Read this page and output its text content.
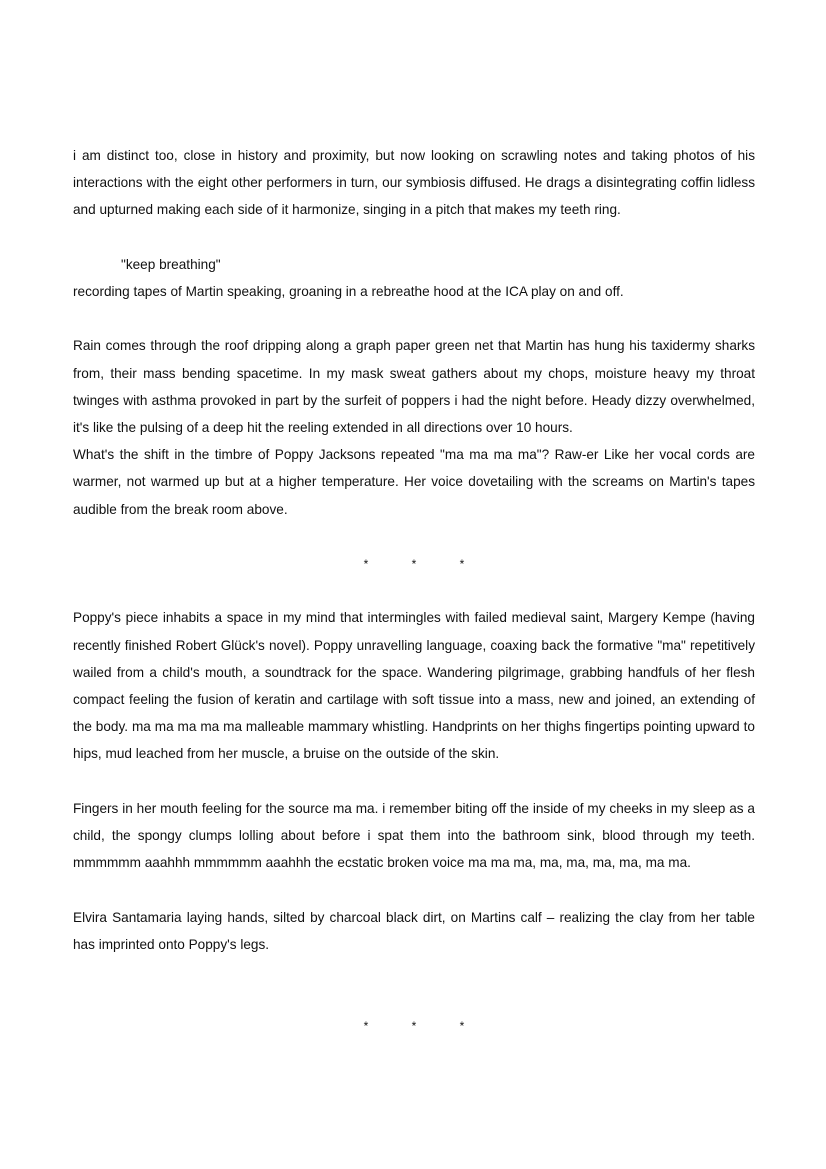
i am distinct too, close in history and proximity, but now looking on scrawling notes and taking photos of his interactions with the eight other performers in turn, our symbiosis diffused. He drags a disintegrating coffin lidless and upturned making each side of it harmonize, singing in a pitch that makes my teeth ring.

"keep breathing"

recording tapes of Martin speaking, groaning in a rebreathe hood at the ICA play on and off.

Rain comes through the roof dripping along a graph paper green net that Martin has hung his taxidermy sharks from, their mass bending spacetime. In my mask sweat gathers about my chops, moisture heavy my throat twinges with asthma provoked in part by the surfeit of poppers i had the night before. Heady dizzy overwhelmed, it's like the pulsing of a deep hit the reeling extended in all directions over 10 hours.

What's the shift in the timbre of Poppy Jacksons repeated "ma ma ma ma"? Raw-er Like her vocal cords are warmer, not warmed up but at a higher temperature. Her voice dovetailing with the screams on Martin's tapes audible from the break room above.

*	*	*

Poppy's piece inhabits a space in my mind that intermingles with failed medieval saint, Margery Kempe (having recently finished Robert Glück's novel). Poppy unravelling language, coaxing back the formative "ma" repetitively wailed from a child's mouth, a soundtrack for the space. Wandering pilgrimage, grabbing handfuls of her flesh compact feeling the fusion of keratin and cartilage with soft tissue into a mass, new and joined, an extending of the body. ma ma ma ma ma malleable mammary whistling. Handprints on her thighs fingertips pointing upward to hips, mud leached from her muscle, a bruise on the outside of the skin.

Fingers in her mouth feeling for the source ma ma. i remember biting off the inside of my cheeks in my sleep as a child, the spongy clumps lolling about before i spat them into the bathroom sink, blood through my teeth. mmmmmm aaahhh mmmmmm aaahhh the ecstatic broken voice ma ma ma, ma, ma, ma, ma, ma ma.

Elvira Santamaria laying hands, silted by charcoal black dirt, on Martins calf – realizing the clay from her table has imprinted onto Poppy's legs.

*	*	*
